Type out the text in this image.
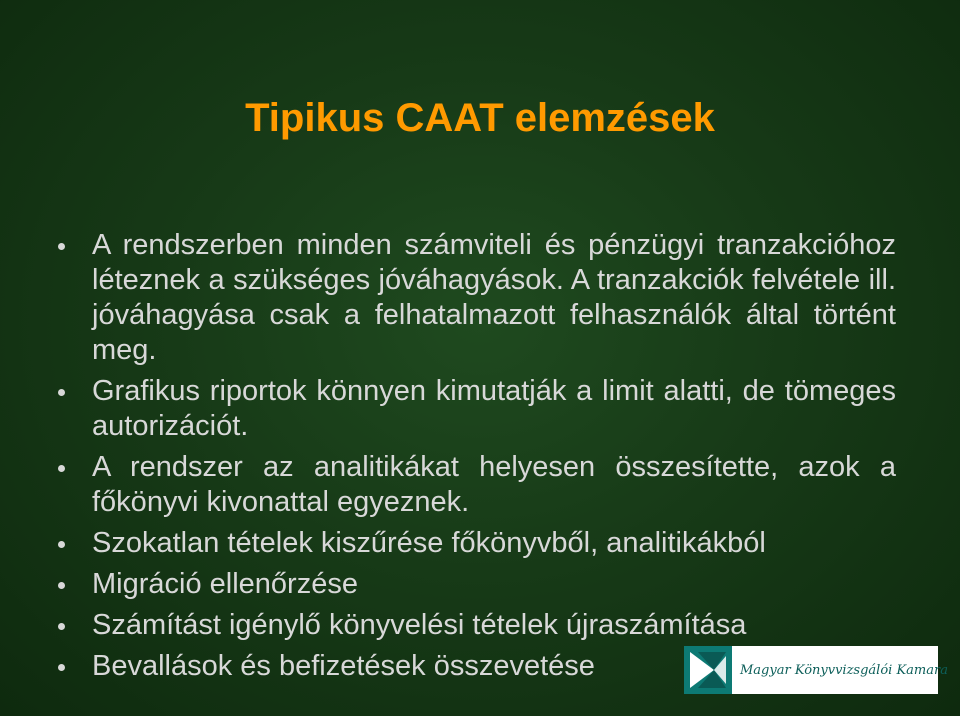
Tipikus CAAT elemzések
A rendszerben minden számviteli és pénzügyi tranzakcióhoz léteznek a szükséges jóváhagyások. A tranzakciók felvétele ill. jóváhagyása csak a felhatalmazott felhasználók által történt meg.
Grafikus riportok könnyen kimutatják a limit alatti, de tömeges autorizációt.
A rendszer az analitikákat helyesen összesítette, azok a főkönyvi kivonattal egyeznek.
Szokatlan tételek kiszűrése főkönyvből, analitikákból
Migráció ellenőrzése
Számítást igénylő könyvelési tételek újraszámítása
Bevallások és befizetések összevetése	Magyar Könyvvizsgálói Kamara
